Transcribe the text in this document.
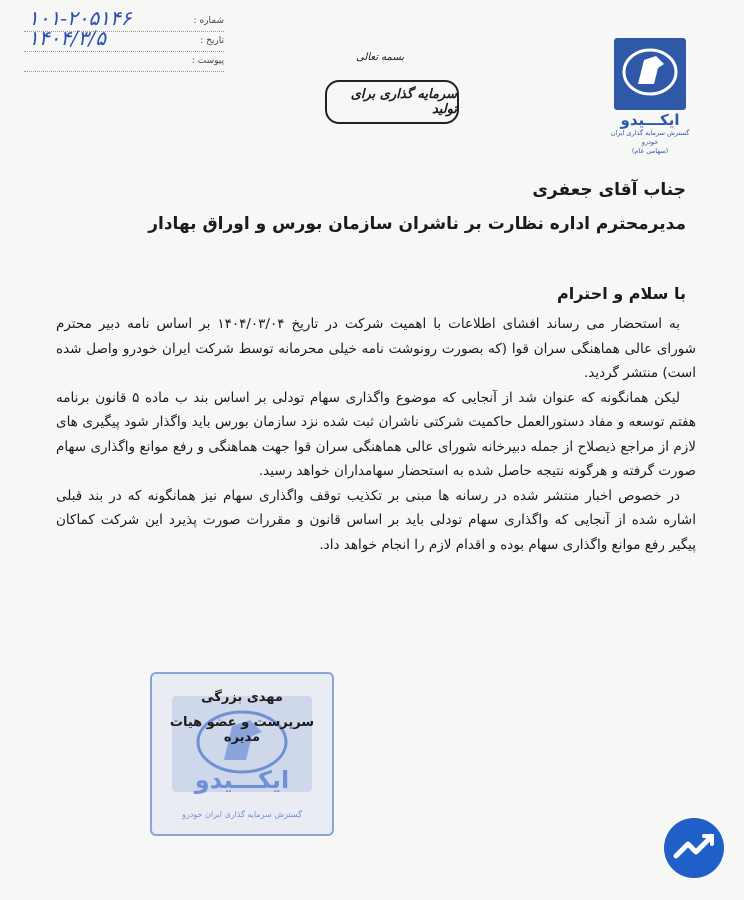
شماره :
۱۰۱-۲۰۵۱۴۶
تاریخ :
۱۴۰۴/۳/۵
پیوست :	بسمه تعالی
سرمایه گذاری برای تولید
ایکـــیدو
گسترش سرمایه گذاری ایران خودرو
(سهامی عام)
جناب آقای جعفری
مدیرمحترم اداره نظارت بر ناشران سازمان بورس و اوراق بهادار
با سلام و احترام

به استحضار می رساند افشای اطلاعات با اهمیت شرکت در تاریخ ۱۴۰۴/۰۳/۰۴ بر اساس نامه دبیر محترم شورای عالی هماهنگی سران قوا (که بصورت رونوشت نامه خیلی محرمانه توسط شرکت ایران خودرو واصل شده است) منتشر گردید.

لیکن همانگونه که عنوان شد از آنجایی که موضوع واگذاری سهام تودلی بر اساس بند ب ماده ۵ قانون برنامه هفتم توسعه و مفاد دستورالعمل حاکمیت شرکتی ناشران ثبت شده نزد سازمان بورس باید واگذار شود پیگیری های لازم از مراجع ذیصلاح از جمله دبیرخانه شورای عالی هماهنگی سران قوا جهت هماهنگی و رفع موانع واگذاری سهام صورت گرفته و هرگونه نتیجه حاصل شده به استحضار سهامداران خواهد رسید.

در خصوص اخبار منتشر شده در رسانه ها مبنی بر تکذیب توقف واگذاری سهام نیز همانگونه که در بند قبلی اشاره شده از آنجایی که واگذاری سهام تودلی باید بر اساس قانون و مقررات صورت پذیرد این شرکت کماکان پیگیر رفع موانع واگذاری سهام بوده و اقدام لازم را انجام خواهد داد.

ایکـــیدو
گسترش سرمایه گذاری ایران خودرو
مهدی بزرگی
سرپرست و عضو هیات مدیره
